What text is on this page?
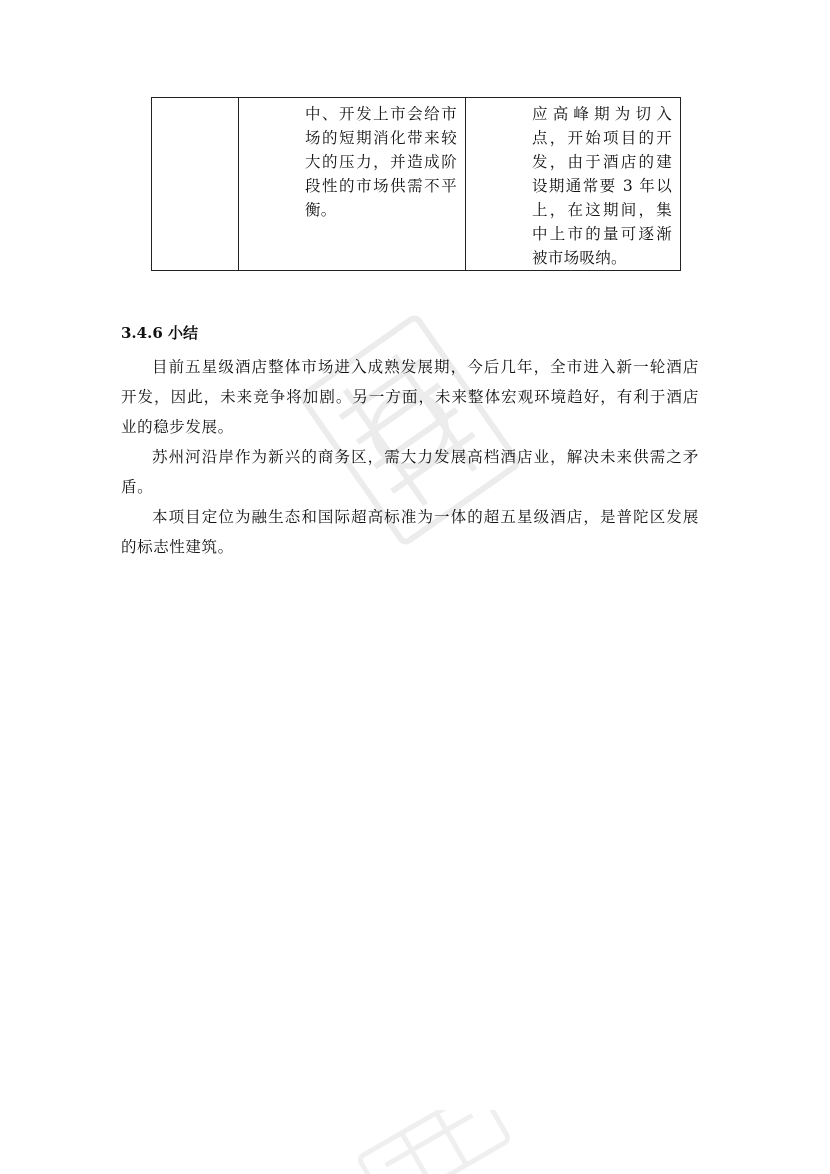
中、开发上市会给市场的短期消化带来较大的压力，并造成阶段性的市场供需不平衡。

应高峰期为切入点，开始项目的开发，由于酒店的建设期通常要 3 年以上，在这期间，集中上市的量可逐渐被市场吸纳。
3.4.6 小结

目前五星级酒店整体市场进入成熟发展期，今后几年，全市进入新一轮酒店开发，因此，未来竞争将加剧。另一方面，未来整体宏观环境趋好，有利于酒店业的稳步发展。

苏州河沿岸作为新兴的商务区，需大力发展高档酒店业，解决未来供需之矛盾。

本项目定位为融生态和国际超高标准为一体的超五星级酒店，是普陀区发展的标志性建筑。
